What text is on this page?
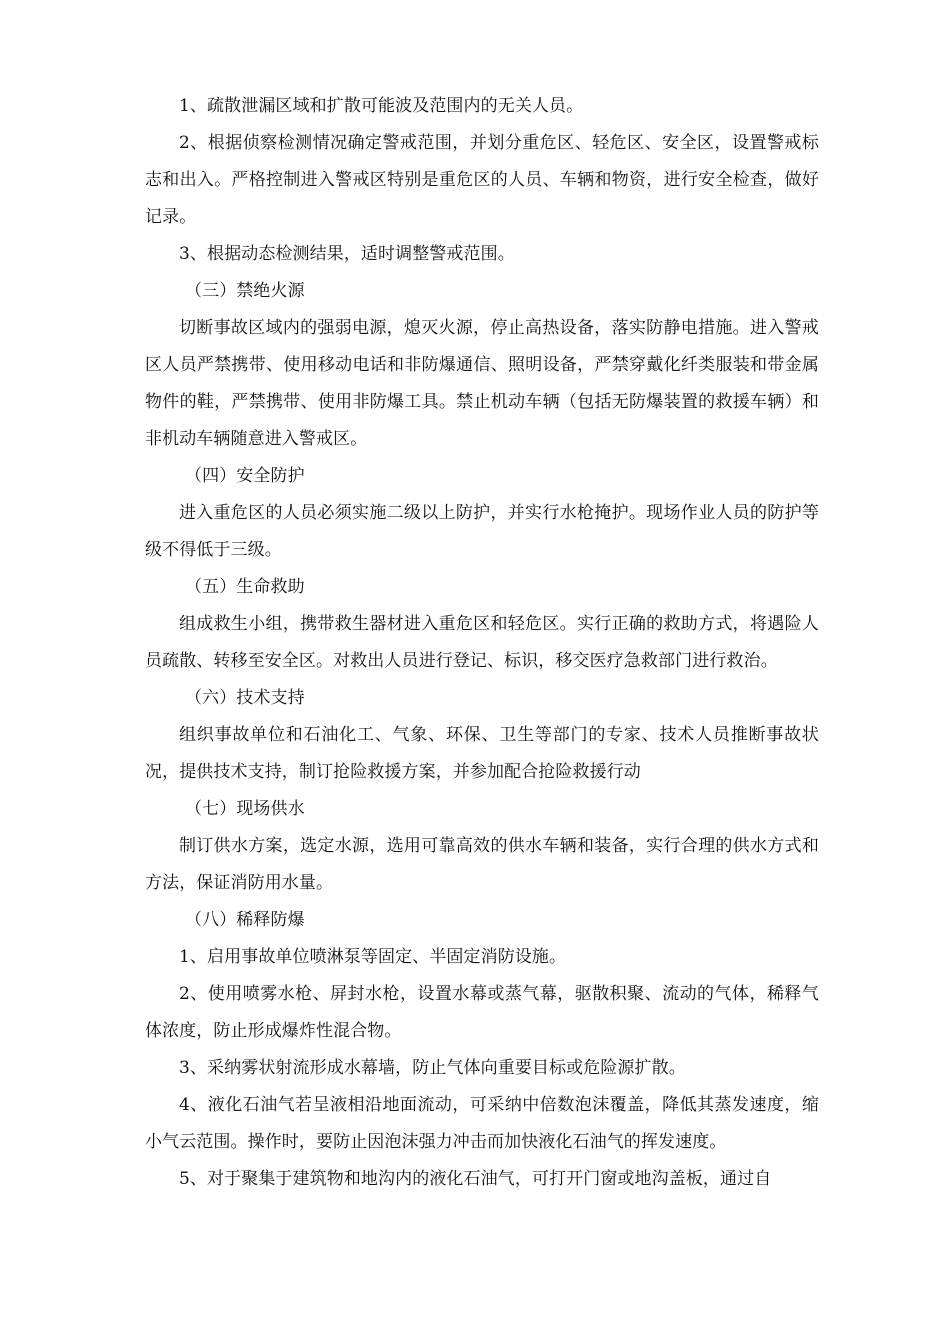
1、疏散泄漏区域和扩散可能波及范围内的无关人员。

2、根据侦察检测情况确定警戒范围，并划分重危区、轻危区、安全区，设置警戒标志和出入。严格控制进入警戒区特别是重危区的人员、车辆和物资，进行安全检查，做好记录。

3、根据动态检测结果，适时调整警戒范围。

（三）禁绝火源

切断事故区域内的强弱电源，熄灭火源，停止高热设备，落实防静电措施。进入警戒区人员严禁携带、使用移动电话和非防爆通信、照明设备，严禁穿戴化纤类服装和带金属物件的鞋，严禁携带、使用非防爆工具。禁止机动车辆（包括无防爆装置的救援车辆）和非机动车辆随意进入警戒区。

（四）安全防护

进入重危区的人员必须实施二级以上防护，并实行水枪掩护。现场作业人员的防护等级不得低于三级。

（五）生命救助

组成救生小组，携带救生器材进入重危区和轻危区。实行正确的救助方式，将遇险人员疏散、转移至安全区。对救出人员进行登记、标识，移交医疗急救部门进行救治。

（六）技术支持

组织事故单位和石油化工、气象、环保、卫生等部门的专家、技术人员推断事故状况，提供技术支持，制订抢险救援方案，并参加配合抢险救援行动

（七）现场供水

制订供水方案，选定水源，选用可靠高效的供水车辆和装备，实行合理的供水方式和方法，保证消防用水量。

（八）稀释防爆

1、启用事故单位喷淋泵等固定、半固定消防设施。

2、使用喷雾水枪、屏封水枪，设置水幕或蒸气幕，驱散积聚、流动的气体，稀释气体浓度，防止形成爆炸性混合物。

3、采纳雾状射流形成水幕墙，防止气体向重要目标或危险源扩散。

4、液化石油气若呈液相沿地面流动，可采纳中倍数泡沫覆盖，降低其蒸发速度，缩小气云范围。操作时，要防止因泡沫强力冲击而加快液化石油气的挥发速度。

5、对于聚集于建筑物和地沟内的液化石油气，可打开门窗或地沟盖板，通过自
